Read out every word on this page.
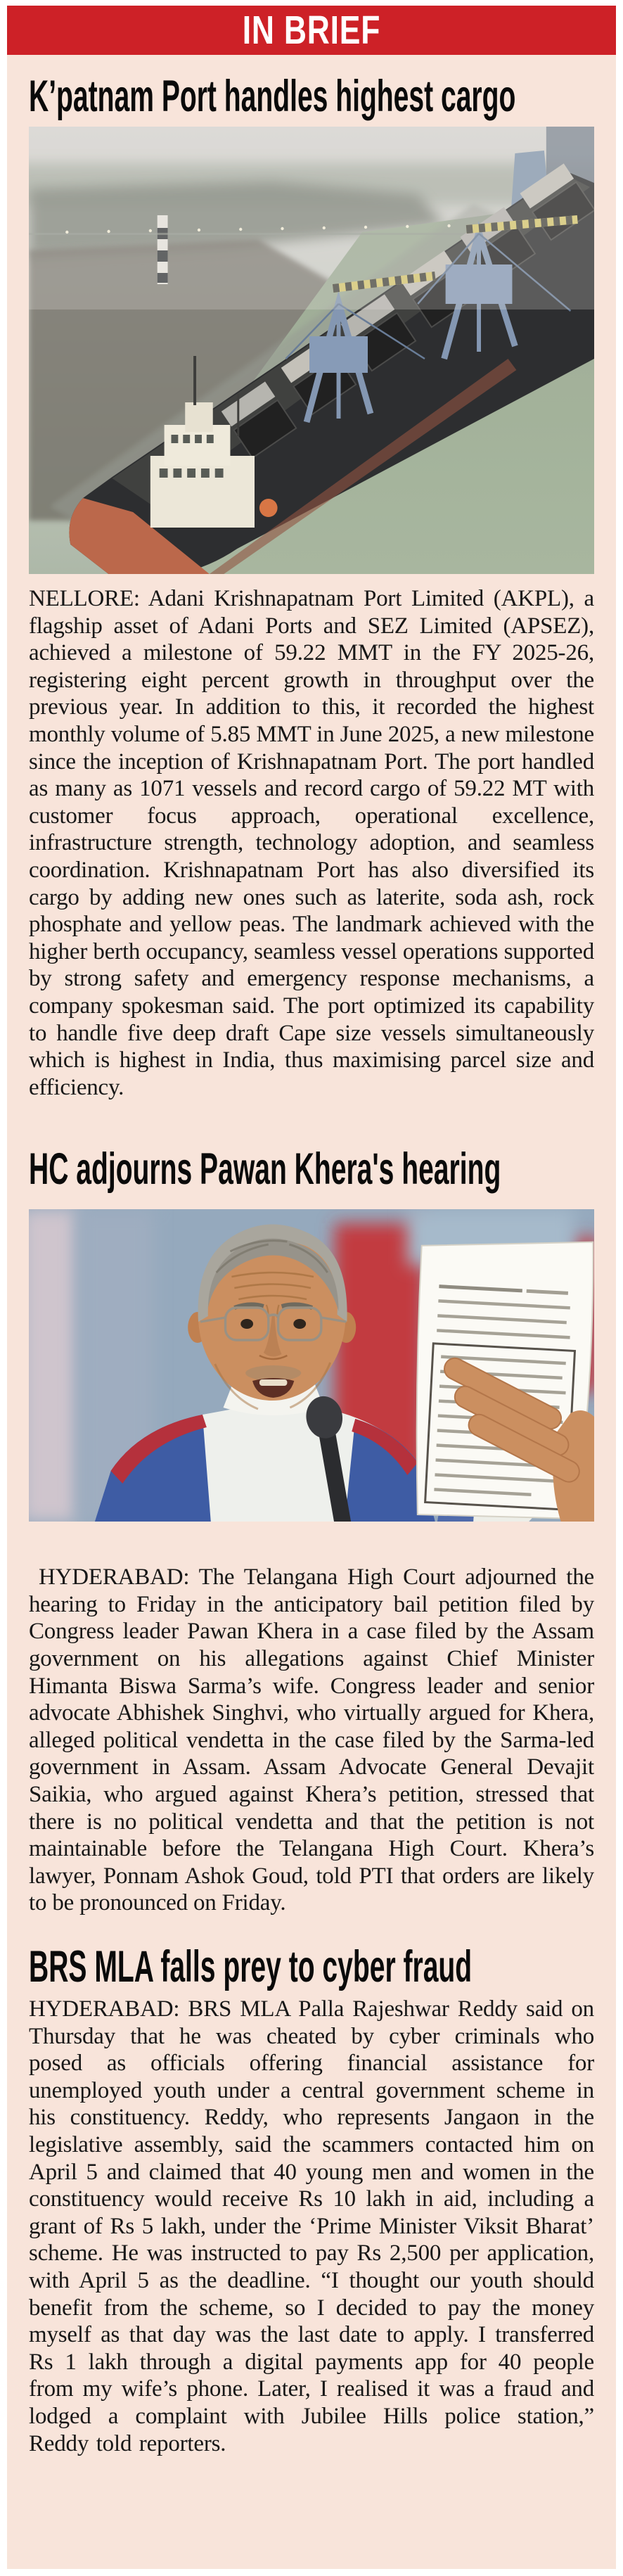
IN BRIEF
K’patnam Port handles highest cargo

NELLORE: Adani Krishnapatnam Port Limited (AKPL), a flagship asset of Adani Ports and SEZ Limited (APSEZ), achieved a milestone of 59.22 MMT in the FY 2025-26, registering eight percent growth in throughput over the previous year. In addition to this, it recorded the highest monthly volume of 5.85 MMT in June 2025, a new milestone since the inception of Krishnapatnam Port. The port handled as many as 1071 vessels and record cargo of 59.22 MT with customer focus approach, operational excellence, infrastructure strength, technology adoption, and seamless coordination. Krishnapatnam Port has also diversified its cargo by adding new ones such as laterite, soda ash, rock phosphate and yellow peas. The landmark achieved with the higher berth occupancy, seamless vessel operations supported by strong safety and emergency response mechanisms, a company spokesman said. The port optimized its capability to handle five deep draft Cape size vessels simultaneously which is highest in India, thus maximising parcel size and efficiency.

HC adjourns Pawan Khera's hearing

HYDERABAD: The Telangana High Court adjourned the hearing to Friday in the anticipatory bail petition filed by Congress leader Pawan Khera in a case filed by the Assam government on his allegations against Chief Minister Himanta Biswa Sarma’s wife. Congress leader and senior advocate Abhishek Singhvi, who virtually argued for Khera, alleged political vendetta in the case filed by the Sarma-led government in Assam. Assam Advocate General Devajit Saikia, who argued against Khera’s petition, stressed that there is no political vendetta and that the petition is not maintainable before the Telangana High Court. Khera’s lawyer, Ponnam Ashok Goud, told PTI that orders are likely to be pronounced on Friday.

BRS MLA falls prey to cyber fraud

HYDERABAD: BRS MLA Palla Rajeshwar Reddy said on Thursday that he was cheated by cyber criminals who posed as officials offering financial assistance for unemployed youth under a central government scheme in his constituency. Reddy, who represents Jangaon in the legislative assembly, said the scammers contacted him on April 5 and claimed that 40 young men and women in the constituency would receive Rs 10 lakh in aid, including a grant of Rs 5 lakh, under the ‘Prime Minister Viksit Bharat’ scheme. He was instructed to pay Rs 2,500 per application, with April 5 as the deadline. “I thought our youth should benefit from the scheme, so I decided to pay the money myself as that day was the last date to apply. I transferred Rs 1 lakh through a digital payments app for 40 people from my wife’s phone. Later, I realised it was a fraud and lodged a complaint with Jubilee Hills police station,” Reddy told reporters.
